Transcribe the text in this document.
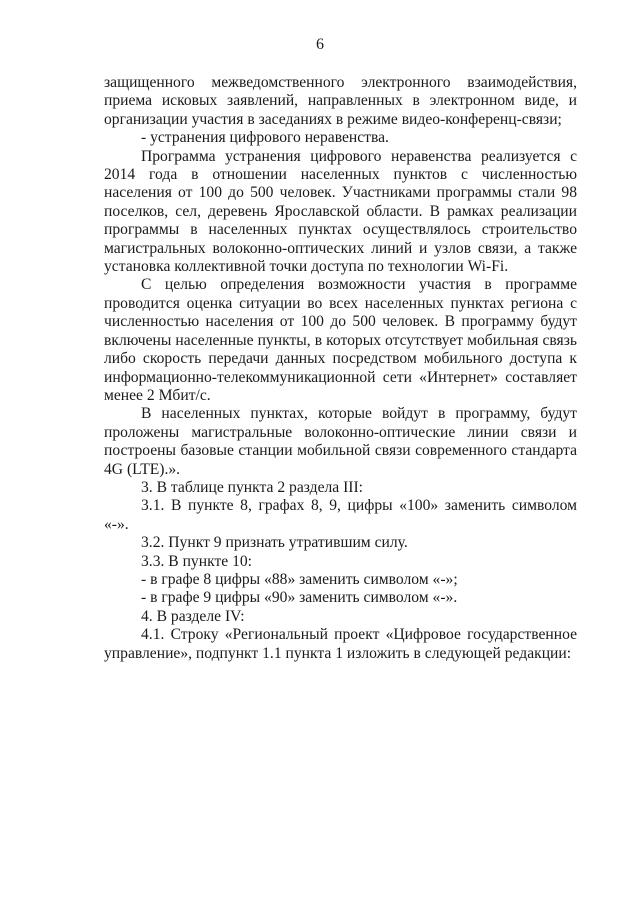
6

защищенного межведомственного электронного взаимодействия, приема исковых заявлений, направленных в электронном виде, и организации участия в заседаниях в режиме видео-конференц-связи;

- устранения цифрового неравенства.

Программа устранения цифрового неравенства реализуется с 2014 года в отношении населенных пунктов с численностью населения от 100 до 500 человек. Участниками программы стали 98 поселков, сел, деревень Ярославской области. В рамках реализации программы в населенных пунктах осуществлялось строительство магистральных волоконно-оптических линий и узлов связи, а также установка коллективной точки доступа по технологии Wi-Fi.

С целью определения возможности участия в программе проводится оценка ситуации во всех населенных пунктах региона с численностью населения от 100 до 500 человек. В программу будут включены населенные пункты, в которых отсутствует мобильная связь либо скорость передачи данных посредством мобильного доступа к информационно-телекоммуникационной сети «Интернет» составляет менее 2 Мбит/с.

В населенных пунктах, которые войдут в программу, будут проложены магистральные волоконно-оптические линии связи и построены базовые станции мобильной связи современного стандарта 4G (LTE).».

3. В таблице пункта 2 раздела III:

3.1. В пункте 8, графах 8, 9, цифры «100» заменить символом «-».

3.2. Пункт 9 признать утратившим силу.

3.3. В пункте 10:

- в графе 8 цифры «88» заменить символом «-»;

- в графе 9 цифры «90» заменить символом «-».

4. В разделе IV:

4.1. Строку «Региональный проект «Цифровое государственное управление», подпункт 1.1 пункта 1 изложить в следующей редакции:
